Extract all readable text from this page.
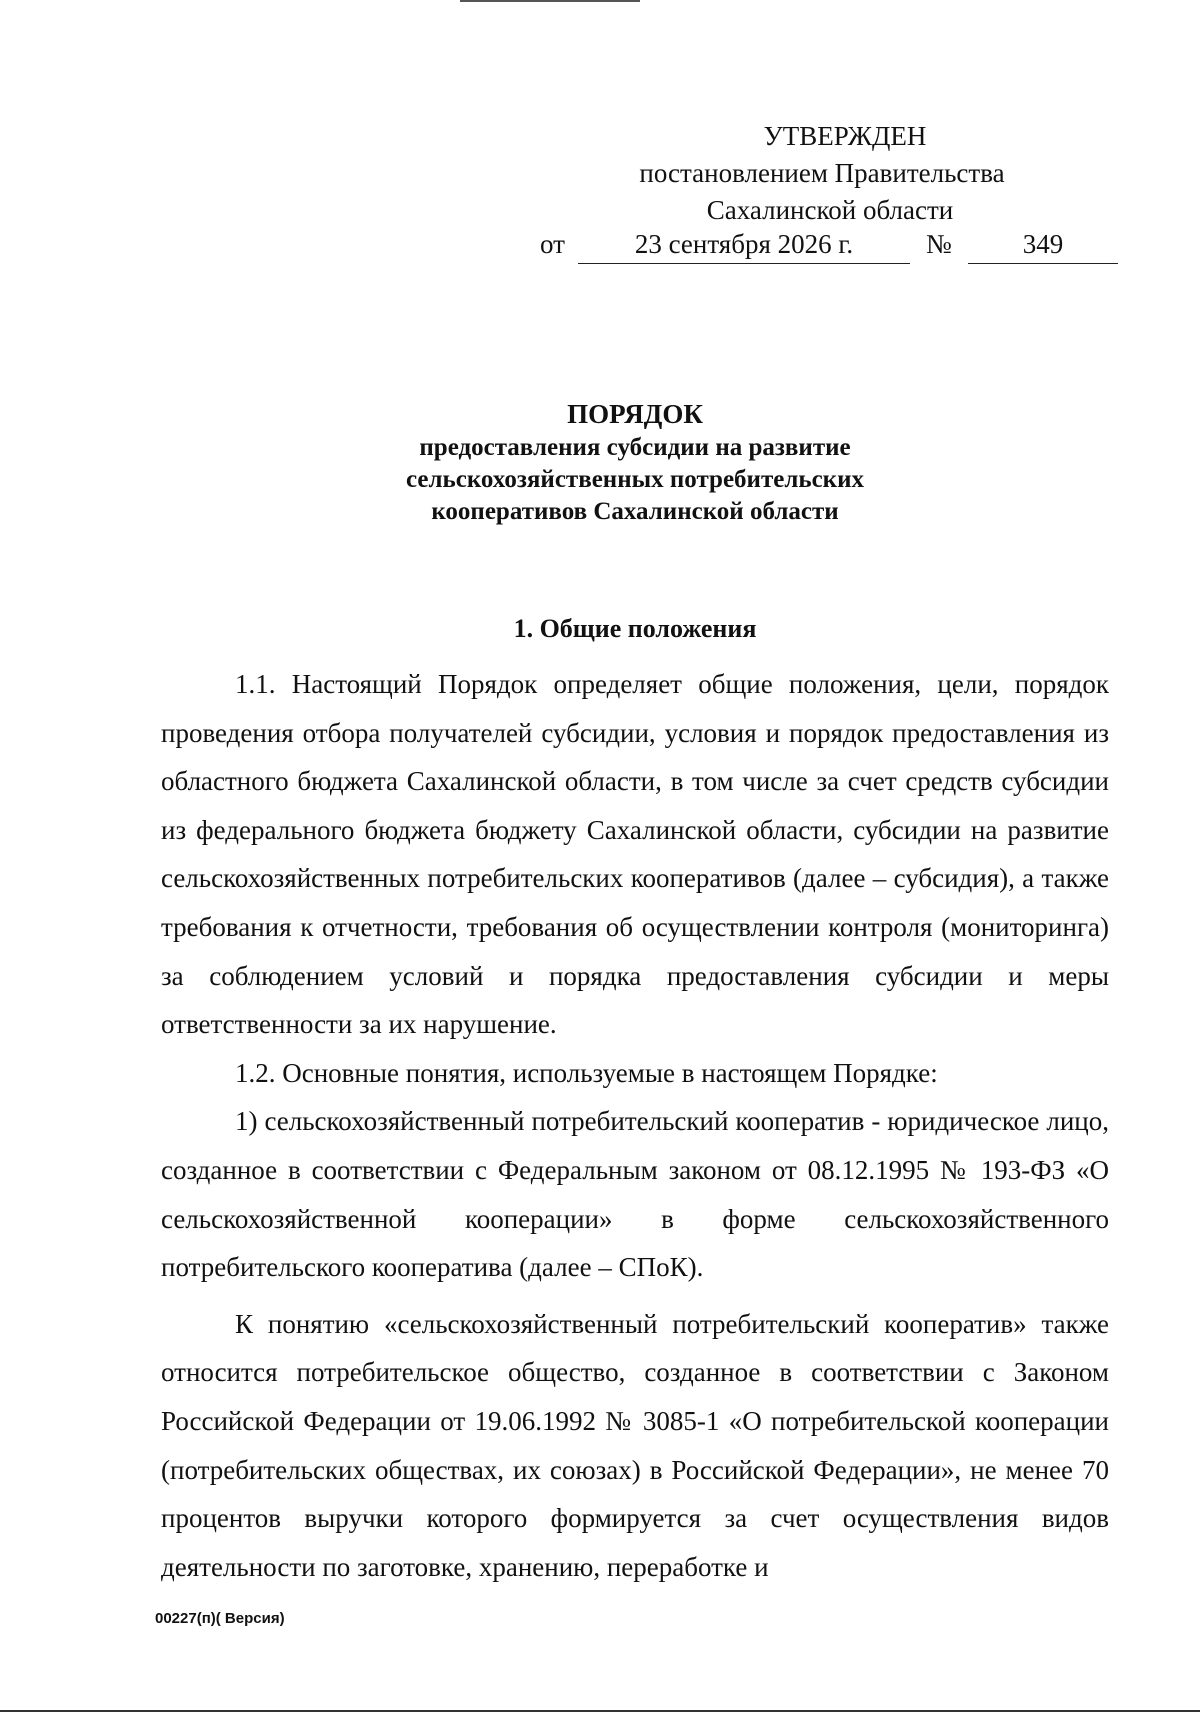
УТВЕРЖДЕН
постановлением Правительства
Сахалинской области
от	23 сентября 2026 г.	№	349
ПОРЯДОК
предоставления субсидии на развитие
сельскохозяйственных потребительских
кооперативов Сахалинской области
1. Общие положения

1.1. Настоящий Порядок определяет общие положения, цели, порядок проведения отбора получателей субсидии, условия и порядок предоставления из областного бюджета Сахалинской области, в том числе за счет средств субсидии из федерального бюджета бюджету Сахалинской области, субсидии на развитие сельскохозяйственных потребительских кооперативов (далее – субсидия), а также требования к отчетности, требования об осуществлении контроля (мониторинга) за соблюдением условий и порядка предоставления субсидии и меры ответственности за их нарушение.

1.2. Основные понятия, используемые в настоящем Порядке:

1) сельскохозяйственный потребительский кооператив - юридическое лицо, созданное в соответствии с Федеральным законом от 08.12.1995 № 193-ФЗ «О сельскохозяйственной кооперации» в форме сельскохозяйственного потребительского кооператива (далее – СПоК).

К понятию «сельскохозяйственный потребительский кооператив» также относится потребительское общество, созданное в соответствии с Законом Российской Федерации от 19.06.1992 № 3085-1 «О потребительской кооперации (потребительских обществах, их союзах) в Российской Федерации», не менее 70 процентов выручки которого формируется за счет осуществления видов деятельности по заготовке, хранению, переработке и

00227(п)( Версия)
